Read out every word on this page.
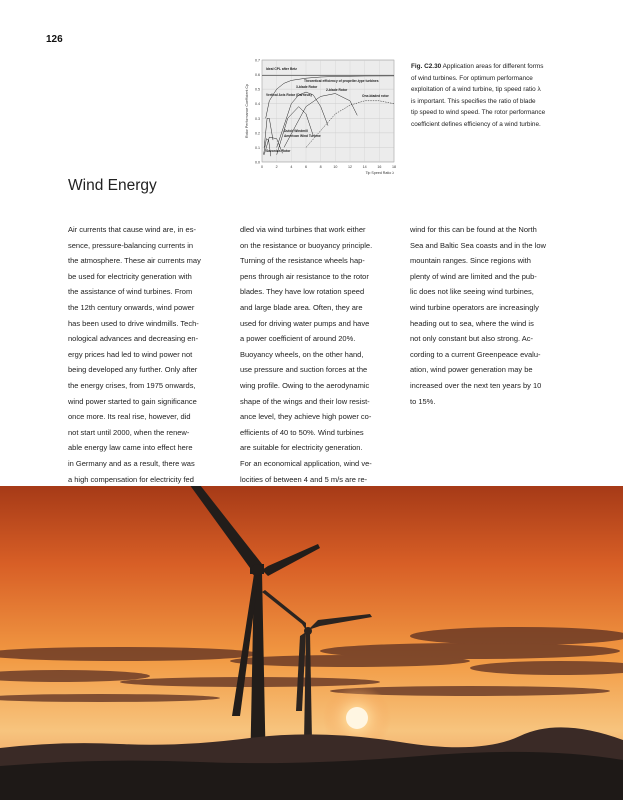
126
0.0
0.1
0.2
0.3
0.4
0.5
0.6
0.7
0	2	4	6	8	10	12	14	16	18
Tip Speed Ratio λ
Rotor Performance Coefficient Cp
Ideal CPL after Betz
Theoretical efficiency of propeller-type turbines
3-blade Rotor
2-blade Rotor
Vertical Axis Rotor (Darrieus)	One-bladed rotor
Dutch Windmill
American Wind Turbine
Savonius Rotor
Fig. C2.30 Application areas for different forms
of wind turbines. For optimum performance
exploitation of a wind turbine, tip speed ratio λ
is important. This specifies the ratio of blade
tip speed to wind speed. The rotor performance
coefficient defines efficiency of a wind turbine.
Wind Energy
Air currents that cause wind are, in es-
sence, pressure-balancing currents in
the atmosphere. These air currents may
be used for electricity generation with
the assistance of wind turbines. From
the 12th century onwards, wind power
has been used to drive windmills. Tech-
nological advances and decreasing en-
ergy prices had led to wind power not
being developed any further. Only after
the energy crises, from 1975 onwards,
wind power started to gain significance
once more. Its real rise, however, did
not start until 2000, when the renew-
able energy law came into effect here
in Germany and as a result, there was
a high compensation for electricity fed
dled via wind turbines that work either
on the resistance or buoyancy principle.
Turning of the resistance wheels hap-
pens through air resistance to the rotor
blades. They have low rotation speed
and large blade area. Often, they are
used for driving water pumps and have
a power coefficient of around 20%.
Buoyancy wheels, on the other hand,
use pressure and suction forces at the
wing profile. Owing to the aerodynamic
shape of the wings and their low resist-
ance level, they achieve high power co-
efficients of 40 to 50%. Wind turbines
are suitable for electricity generation.
For an economical application, wind ve-
locities of between 4 and 5 m/s are re-
wind for this can be found at the North
Sea and Baltic Sea coasts and in the low
mountain ranges. Since regions with
plenty of wind are limited and the pub-
lic does not like seeing wind turbines,
wind turbine operators are increasingly
heading out to sea, where the wind is
not only constant but also strong. Ac-
cording to a current Greenpeace evalu-
ation, wind power generation may be
increased over the next ten years by 10
to 15%.
